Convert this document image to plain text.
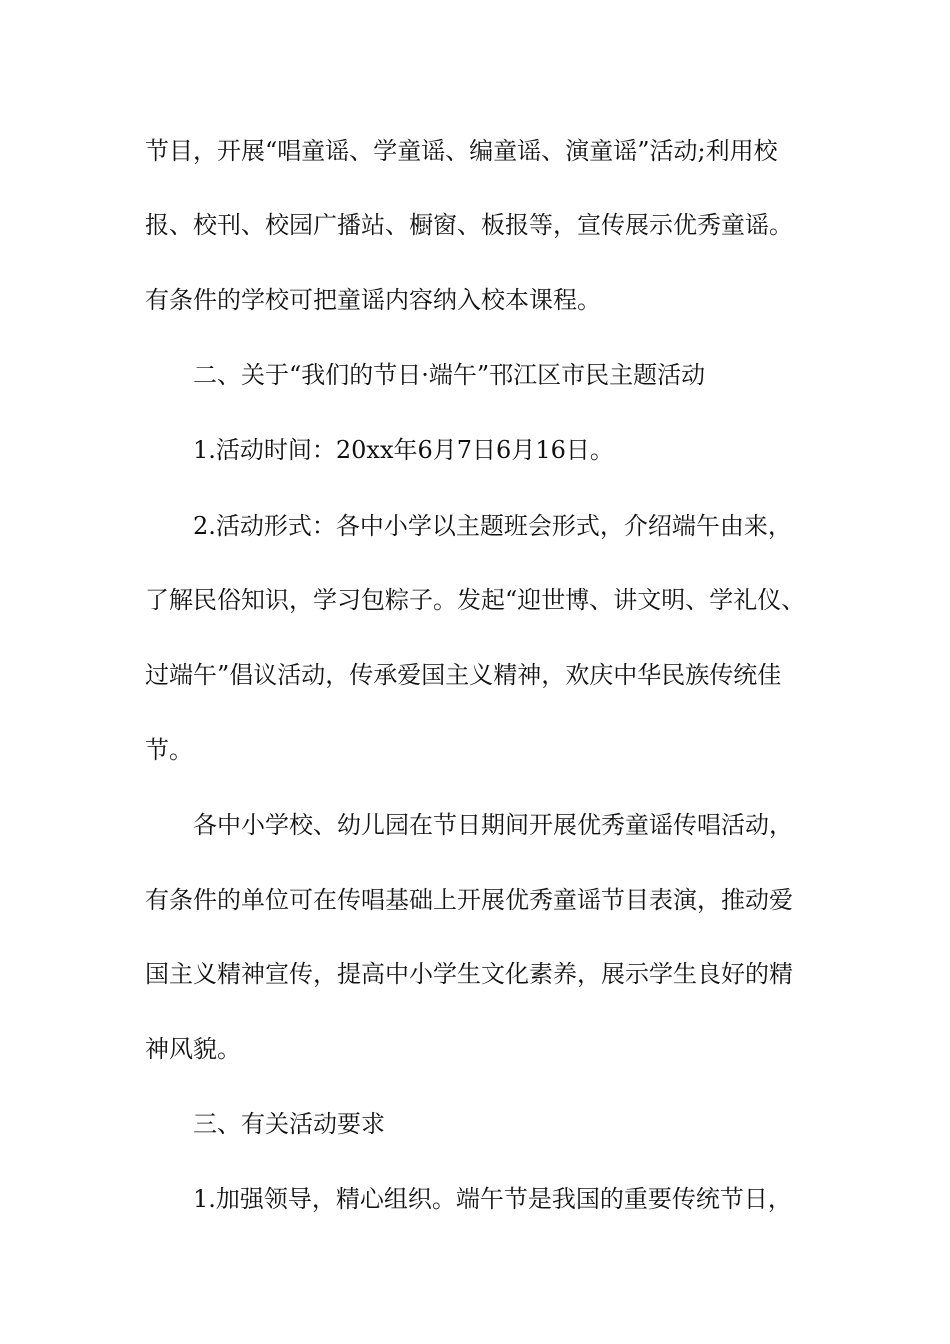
节目，开展“唱童谣、学童谣、编童谣、演童谣”活动;利用校
报、校刊、校园广播站、橱窗、板报等，宣传展示优秀童谣。
有条件的学校可把童谣内容纳入校本课程。
二、关于“我们的节日·端午”邗江区市民主题活动
1.活动时间：20xx年6月7日6月16日。
2.活动形式：各中小学以主题班会形式，介绍端午由来，
了解民俗知识，学习包粽子。发起“迎世博、讲文明、学礼仪、
过端午”倡议活动，传承爱国主义精神，欢庆中华民族传统佳
节。
各中小学校、幼儿园在节日期间开展优秀童谣传唱活动，
有条件的单位可在传唱基础上开展优秀童谣节目表演，推动爱
国主义精神宣传，提高中小学生文化素养，展示学生良好的精
神风貌。
三、有关活动要求
1.加强领导，精心组织。端午节是我国的重要传统节日，
